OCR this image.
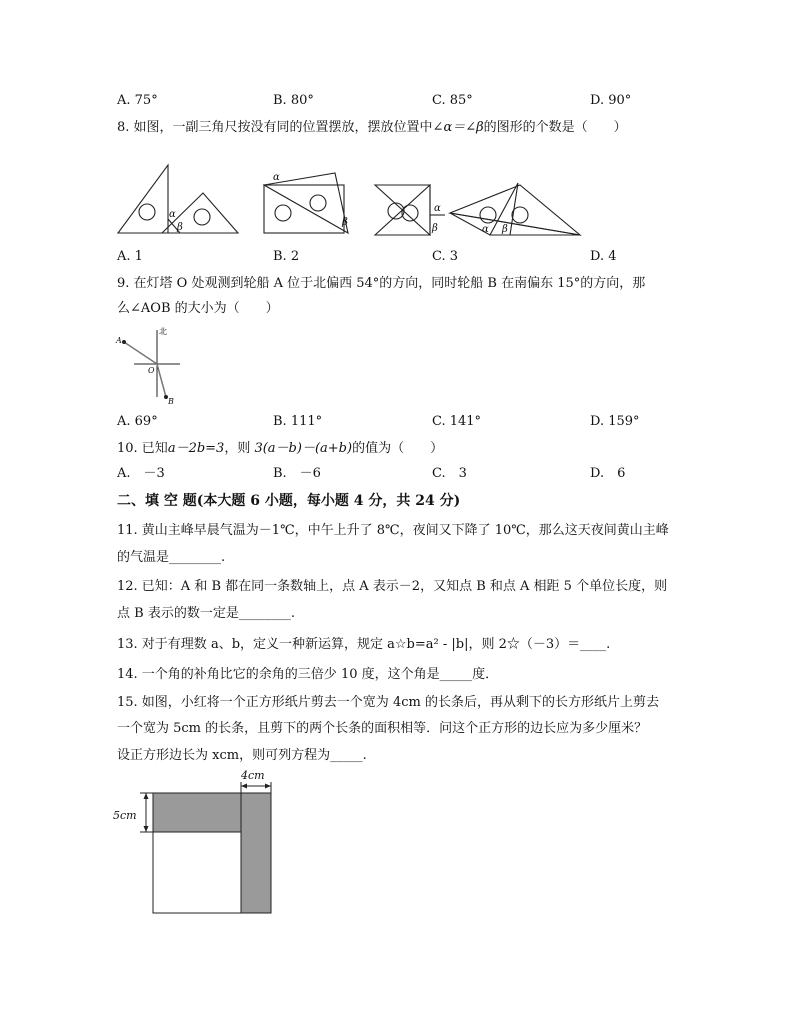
A. 75°	B. 80°	C. 85°	D. 90°
8. 如图，一副三角尺按没有同的位置摆放，摆放位置中∠α＝∠β的图形的个数是（　　）
α
β
α
β
α
β	α β
A. 1	B. 2	C. 3	D. 4
9. 在灯塔 O 处观测到轮船 A 位于北偏西 54°的方向，同时轮船 B 在南偏东 15°的方向，那
么∠AOB 的大小为（　　）
北
A
O
B
A. 69°	B. 111°	C. 141°	D. 159°
10. 已知a－2b=3，则 3(a－b)－(a+b)的值为（　　）
A.　－3	B.　－6	C.　3	D.　6
二、填 空 题(本大题 6 小题，每小题 4 分，共 24 分)
11. 黄山主峰早晨气温为－1℃，中午上升了 8℃，夜间又下降了 10℃，那么这天夜间黄山主峰
的气温是________.
12. 已知：A 和 B 都在同一条数轴上，点 A 表示－2，又知点 B 和点 A 相距 5 个单位长度，则
点 B 表示的数一定是________.
13. 对于有理数 a、b，定义一种新运算，规定 a☆b=a² - |b|，则 2☆（－3）＝____.
14. 一个角的补角比它的余角的三倍少 10 度，这个角是_____度．
15. 如图，小红将一个正方形纸片剪去一个宽为 4cm 的长条后，再从剩下的长方形纸片上剪去
一个宽为 5cm 的长条，且剪下的两个长条的面积相等．问这个正方形的边长应为多少厘米？
设正方形边长为 xcm，则可列方程为_____.
4cm
5cm
